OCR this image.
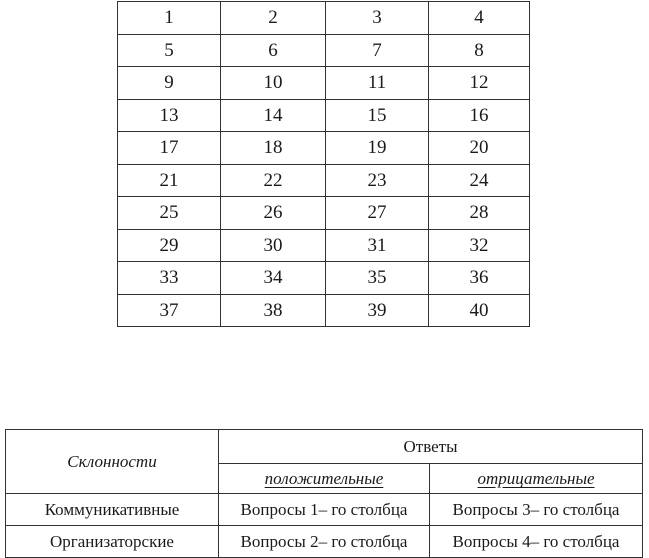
1	2	3	4
5	6	7	8
9	10	11	12
13	14	15	16
17	18	19	20
21	22	23	24
25	26	27	28
29	30	31	32
33	34	35	36
37	38	39	40
Склонности	Ответы	
	положительные	отрицательные
Коммуникативные	Вопросы 1– го столбца	Вопросы 3– го столбца
Организаторские	Вопросы 2– го столбца	Вопросы 4– го столбца
